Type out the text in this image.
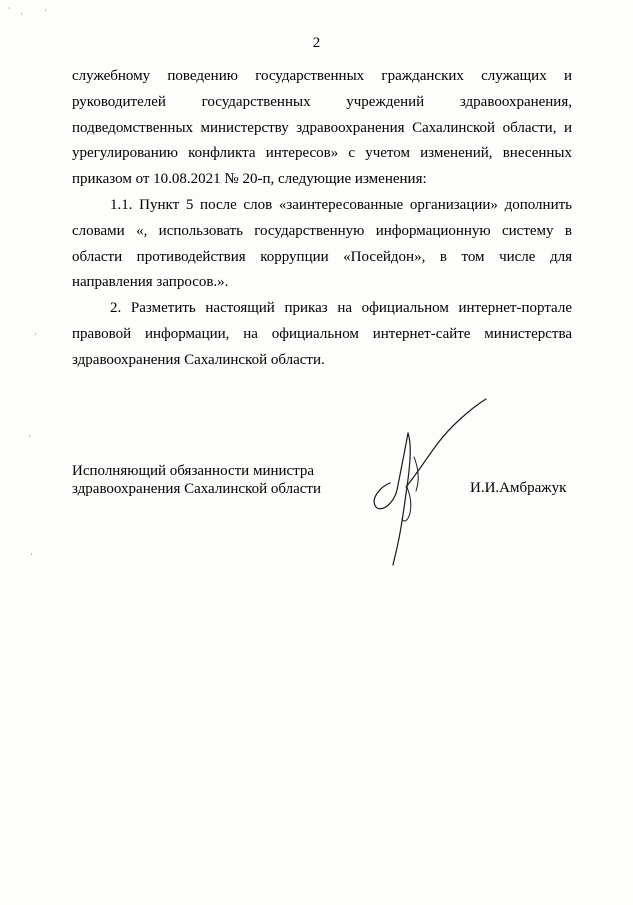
2

служебному поведению государственных гражданских служащих и
руководителей государственных учреждений здравоохранения,
подведомственных министерству здравоохранения Сахалинской области, и
урегулированию конфликта интересов» с учетом изменений, внесенных
приказом от 10.08.2021 № 20-п, следующие изменения:

1.1. Пункт 5 после слов «заинтересованные организации» дополнить
словами «, использовать государственную информационную систему в
области противодействия коррупции «Посейдон», в том числе для
направления запросов.».

2. Разметить настоящий приказ на официальном интернет-портале
правовой информации, на официальном интернет-сайте министерства
здравоохранения Сахалинской области.

Исполняющий обязанности министра
здравоохранения Сахалинской области	И.И.Амбражук
·
·	·
·
·
·
